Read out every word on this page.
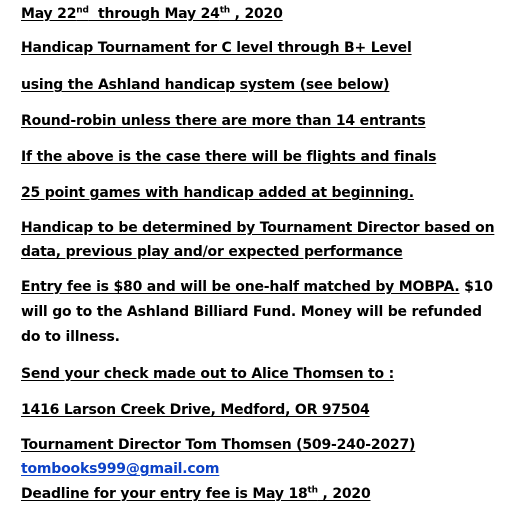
May 22nd  through May 24th , 2020
Handicap Tournament for C level through B+ Level
using the Ashland handicap system (see below)
Round-robin unless there are more than 14 entrants
If the above is the case there will be flights and finals
25 point games with handicap added at beginning.
Handicap to be determined by Tournament Director based on
data, previous play and/or expected performance
Entry fee is $80 and will be one-half matched by MOBPA. $10
will go to the Ashland Billiard Fund. Money will be refunded
do to illness.
Send your check made out to Alice Thomsen to :
1416 Larson Creek Drive, Medford, OR 97504
Tournament Director Tom Thomsen (509-240-2027)
tombooks999@gmail.com
Deadline for your entry fee is May 18th , 2020
